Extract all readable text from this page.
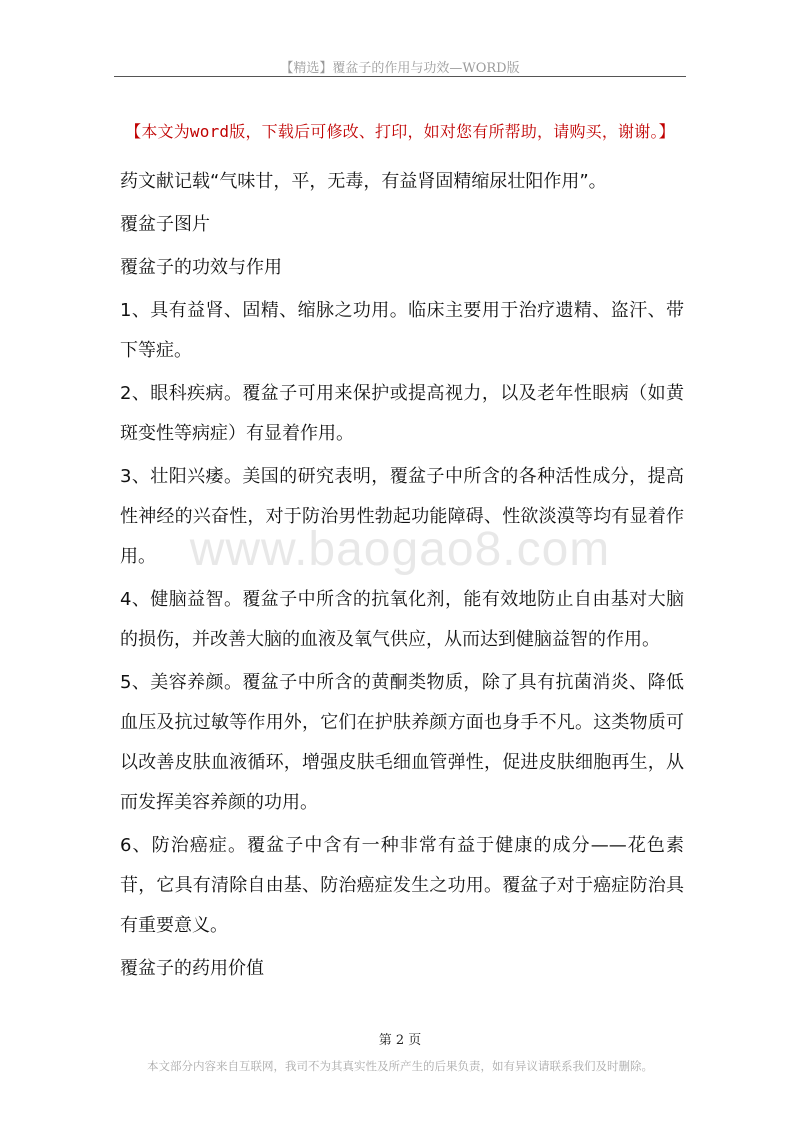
【精选】覆盆子的作用与功效—WORD版
【本文为word版，下载后可修改、打印，如对您有所帮助，请购买，谢谢。】
www.baogao8.com

药文献记载“气味甘，平，无毒，有益肾固精缩尿壮阳作用”。

覆盆子图片

覆盆子的功效与作用

1、具有益肾、固精、缩脉之功用。临床主要用于治疗遗精、盗汗、带下等症。

2、眼科疾病。覆盆子可用来保护或提高视力，以及老年性眼病（如黄斑变性等病症）有显着作用。

3、壮阳兴痿。美国的研究表明，覆盆子中所含的各种活性成分，提高性神经的兴奋性，对于防治男性勃起功能障碍、性欲淡漠等均有显着作用。

4、健脑益智。覆盆子中所含的抗氧化剂，能有效地防止自由基对大脑的损伤，并改善大脑的血液及氧气供应，从而达到健脑益智的作用。

5、美容养颜。覆盆子中所含的黄酮类物质，除了具有抗菌消炎、降低血压及抗过敏等作用外，它们在护肤养颜方面也身手不凡。这类物质可以改善皮肤血液循环，增强皮肤毛细血管弹性，促进皮肤细胞再生，从而发挥美容养颜的功用。

6、防治癌症。覆盆子中含有一种非常有益于健康的成分——花色素苷，它具有清除自由基、防治癌症发生之功用。覆盆子对于癌症防治具有重要意义。

覆盆子的药用价值

第 2 页
本文部分内容来自互联网，我司不为其真实性及所产生的后果负责，如有异议请联系我们及时删除。
